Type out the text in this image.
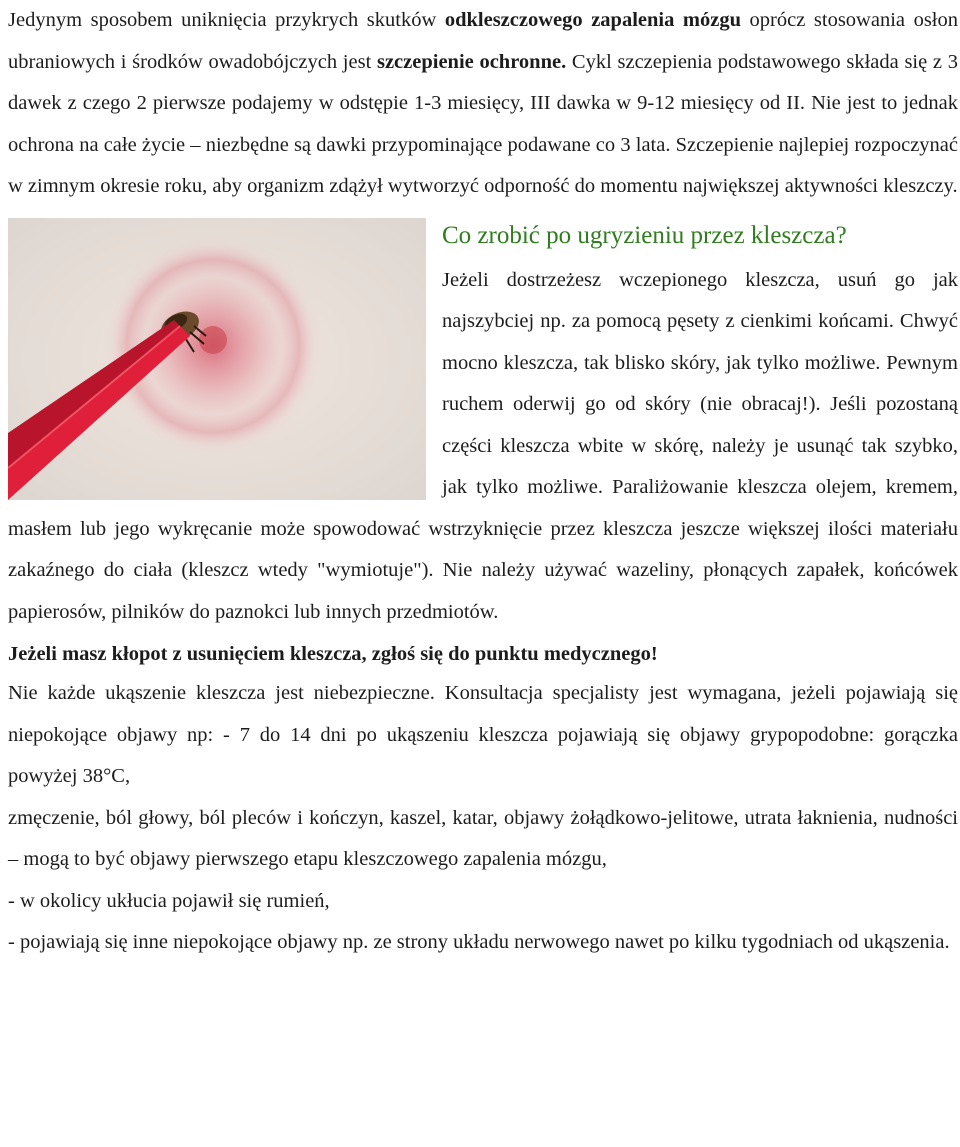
Jedynym sposobem uniknięcia przykrych skutków odkleszczowego zapalenia mózgu oprócz stosowania osłon ubraniowych i środków owadobójczych jest szczepienie ochronne. Cykl szczepienia podstawowego składa się z 3 dawek z czego 2 pierwsze podajemy w odstępie 1-3 miesięcy, III dawka w 9-12 miesięcy od II. Nie jest to jednak ochrona na całe życie – niezbędne są dawki przypominające podawane co 3 lata. Szczepienie najlepiej rozpoczynać w zimnym okresie roku, aby organizm zdążył wytworzyć odporność do momentu największej aktywności kleszczy.

Co zrobić po ugryzieniu przez kleszcza?

Jeżeli dostrzeżesz wczepionego kleszcza, usuń go jak najszybciej np. za pomocą pęsety z cienkimi końcami. Chwyć mocno kleszcza, tak blisko skóry, jak tylko możliwe. Pewnym ruchem oderwij go od skóry (nie obracaj!). Jeśli pozostaną części kleszcza wbite w skórę, należy je usunąć tak szybko, jak tylko możliwe. Paraliżowanie kleszcza olejem, kremem, masłem lub jego wykręcanie może spowodować wstrzyknięcie przez kleszcza jeszcze większej ilości materiału zakaźnego do ciała (kleszcz wtedy "wymiotuje"). Nie należy używać wazeliny, płonących zapałek, końcówek papierosów, pilników do paznokci lub innych przedmiotów.

Jeżeli masz kłopot z usunięciem kleszcza, zgłoś się do punktu medycznego!

Nie każde ukąszenie kleszcza jest niebezpieczne. Konsultacja specjalisty jest wymagana, jeżeli pojawiają się niepokojące objawy np: - 7 do 14 dni po ukąszeniu kleszcza pojawiają się objawy grypopodobne: gorączka powyżej 38°C,

zmęczenie, ból głowy, ból pleców i kończyn, kaszel, katar, objawy żołądkowo-jelitowe, utrata łaknienia, nudności – mogą to być objawy pierwszego etapu kleszczowego zapalenia mózgu,

- w okolicy ukłucia pojawił się rumień,

- pojawiają się inne niepokojące objawy np. ze strony układu nerwowego nawet po kilku tygodniach od ukąszenia.
